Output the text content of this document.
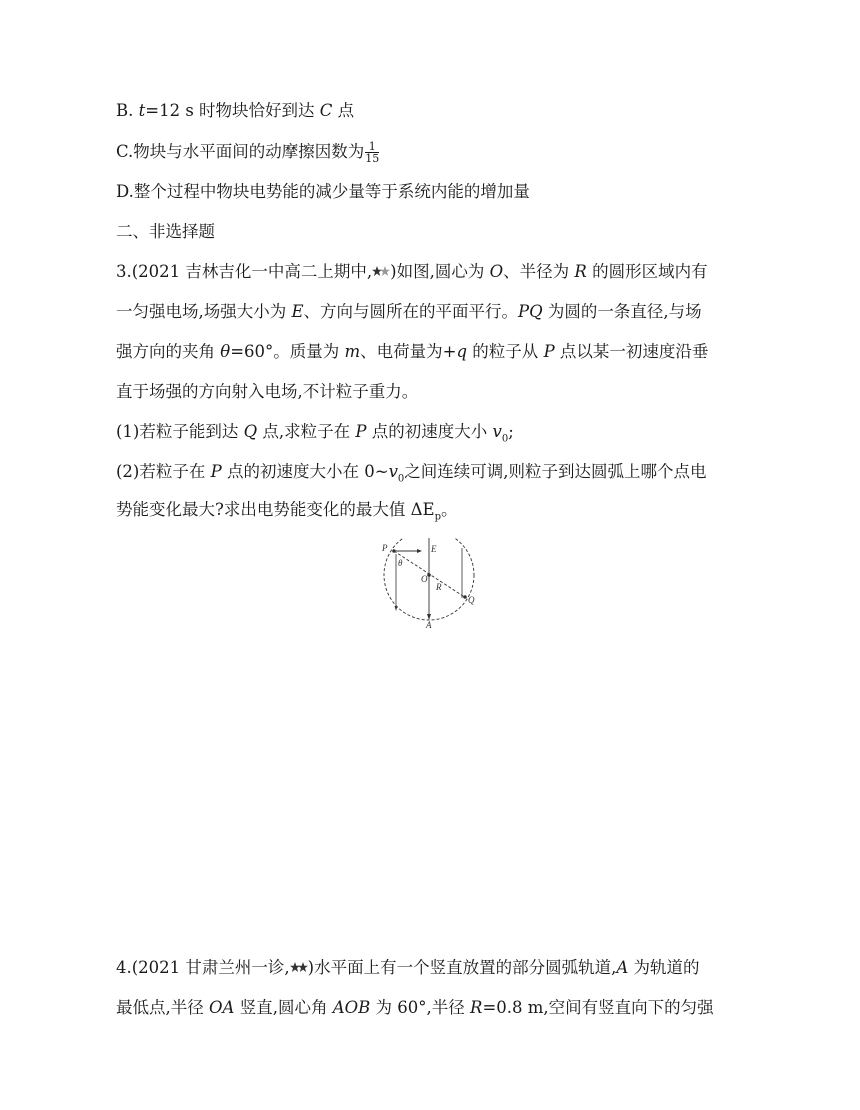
B. t=12 s 时物块恰好到达 C 点
C.物块与水平面间的动摩擦因数为 $\frac{1}{15}$
D.整个过程中物块电势能的减少量等于系统内能的增加量
二、非选择题
3.(2021 吉林吉化一中高二上期中, )如图,圆心为 O、半径为 R 的圆形区域内有
一匀强电场,场强大小为 E、方向与圆所在的平面平行。PQ 为圆的一条直径,与场
强方向的夹角 θ=60°。质量为 m、电荷量为+q 的粒子从 P 点以某一初速度沿垂
直于场强的方向射入电场,不计粒子重力。
(1)若粒子能到达 Q 点,求粒子在 P 点的初速度大小 $v_0$;
(2)若粒子在 P 点的初速度大小在 $0\sim v_0$之间连续可调,则粒子到达圆弧上哪个点电
势能变化最大?求出电势能变化的最大值 $\Delta E_p$。
P
θ
E
O
R
Q
A
4.(2021 甘肃兰州一诊, )水平面上有一个竖直放置的部分圆弧轨道,A 为轨道的
最低点,半径 OA 竖直,圆心角 AOB 为 60°,半径 R=0.8 m,空间有竖直向下的匀强
